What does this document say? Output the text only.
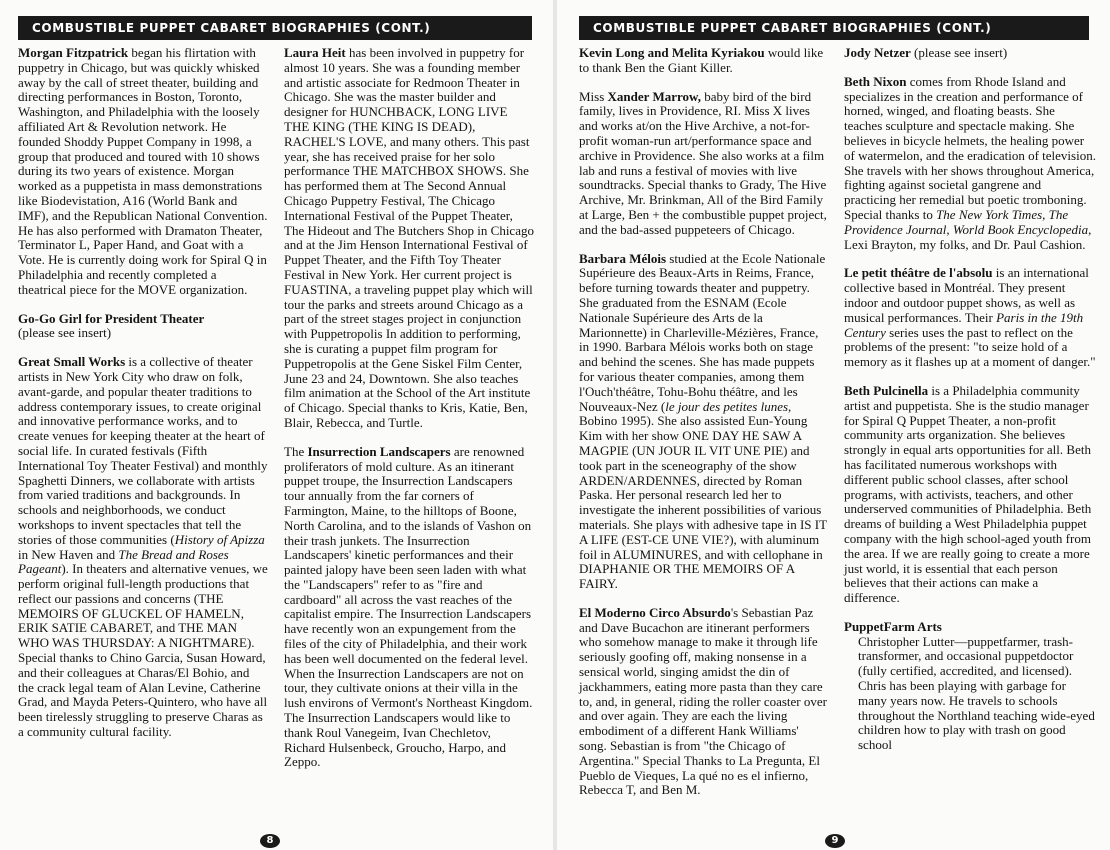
COMBUSTIBLE PUPPET CABARET BIOGRAPHIES (CONT.)

Morgan Fitzpatrick began his flirtation with puppetry in Chicago, but was quickly whisked away by the call of street theater, building and directing performances in Boston, Toronto, Washington, and Philadelphia with the loosely affiliated Art & Revolution network. He founded Shoddy Puppet Company in 1998, a group that produced and toured with 10 shows during its two years of existence. Morgan worked as a puppetista in mass demonstrations like Biodevistation, A16 (World Bank and IMF), and the Republican National Convention. He has also performed with Dramaton Theater, Terminator L, Paper Hand, and Goat with a Vote. He is currently doing work for Spiral Q in Philadelphia and recently completed a theatrical piece for the MOVE organization.

Go-Go Girl for President Theater

(please see insert)

Great Small Works is a collective of theater artists in New York City who draw on folk, avant-garde, and popular theater traditions to address contemporary issues, to create original and innovative performance works, and to create venues for keeping theater at the heart of social life. In curated festivals (Fifth International Toy Theater Festival) and monthly Spaghetti Dinners, we collaborate with artists from varied traditions and backgrounds. In schools and neighborhoods, we conduct workshops to invent spectacles that tell the stories of those communities (History of Apizza in New Haven and The Bread and Roses Pageant). In theaters and alternative venues, we perform original full-length productions that reflect our passions and concerns (THE MEMOIRS OF GLUCKEL OF HAMELN, ERIK SATIE CABARET, and THE MAN WHO WAS THURSDAY: A NIGHTMARE). Special thanks to Chino Garcia, Susan Howard, and their colleagues at Charas/El Bohio, and the crack legal team of Alan Levine, Catherine Grad, and Mayda Peters-Quintero, who have all been tirelessly struggling to preserve Charas as a community cultural facility.

Laura Heit has been involved in puppetry for almost 10 years. She was a founding member and artistic associate for Redmoon Theater in Chicago. She was the master builder and designer for HUNCHBACK, LONG LIVE THE KING (THE KING IS DEAD), RACHEL'S LOVE, and many others. This past year, she has received praise for her solo performance THE MATCHBOX SHOWS. She has performed them at The Second Annual Chicago Puppetry Festival, The Chicago International Festival of the Puppet Theater, The Hideout and The Butchers Shop in Chicago and at the Jim Henson International Festival of Puppet Theater, and the Fifth Toy Theater Festival in New York. Her current project is FUASTINA, a traveling puppet play which will tour the parks and streets around Chicago as a part of the street stages project in conjunction with Puppetropolis In addition to performing, she is curating a puppet film program for Puppetropolis at the Gene Siskel Film Center, June 23 and 24, Downtown. She also teaches film animation at the School of the Art institute of Chicago. Special thanks to Kris, Katie, Ben, Blair, Rebecca, and Turtle.

The Insurrection Landscapers are renowned proliferators of mold culture. As an itinerant puppet troupe, the Insurrection Landscapers tour annually from the far corners of Farmington, Maine, to the hilltops of Boone, North Carolina, and to the islands of Vashon on their trash junkets. The Insurrection Landscapers' kinetic performances and their painted jalopy have been seen laden with what the "Landscapers" refer to as "fire and cardboard" all across the vast reaches of the capitalist empire. The Insurrection Landscapers have recently won an expungement from the files of the city of Philadelphia, and their work has been well documented on the federal level. When the Insurrection Landscapers are not on tour, they cultivate onions at their villa in the lush environs of Vermont's Northeast Kingdom. The Insurrection Landscapers would like to thank Roul Vanegeim, Ivan Chechletov, Richard Hulsenbeck, Groucho, Harpo, and Zeppo.

8
COMBUSTIBLE PUPPET CABARET BIOGRAPHIES (CONT.)

Kevin Long and Melita Kyriakou would like to thank Ben the Giant Killer.

Miss Xander Marrow, baby bird of the bird family, lives in Providence, RI. Miss X lives and works at/on the Hive Archive, a not-for-profit woman-run art/performance space and archive in Providence. She also works at a film lab and runs a festival of movies with live soundtracks. Special thanks to Grady, The Hive Archive, Mr. Brinkman, All of the Bird Family at Large, Ben + the combustible puppet project, and the bad-assed puppeteers of Chicago.

Barbara Mélois studied at the Ecole Nationale Supérieure des Beaux-Arts in Reims, France, before turning towards theater and puppetry. She graduated from the ESNAM (Ecole Nationale Supérieure des Arts de la Marionnette) in Charleville-Mézières, France, in 1990. Barbara Mélois works both on stage and behind the scenes. She has made puppets for various theater companies, among them l'Ouch'théâtre, Tohu-Bohu théâtre, and les Nouveaux-Nez (le jour des petites lunes, Bobino 1995). She also assisted Eun-Young Kim with her show ONE DAY HE SAW A MAGPIE (UN JOUR IL VIT UNE PIE) and took part in the sceneography of the show ARDEN/ARDENNES, directed by Roman Paska. Her personal research led her to investigate the inherent possibilities of various materials. She plays with adhesive tape in IS IT A LIFE (EST-CE UNE VIE?), with aluminum foil in ALUMINURES, and with cellophane in DIAPHANIE OR THE MEMOIRS OF A FAIRY.

El Moderno Circo Absurdo's Sebastian Paz and Dave Bucachon are itinerant performers who somehow manage to make it through life seriously goofing off, making nonsense in a sensical world, singing amidst the din of jackhammers, eating more pasta than they care to, and, in general, riding the roller coaster over and over again. They are each the living embodiment of a different Hank Williams' song. Sebastian is from "the Chicago of Argentina." Special Thanks to La Pregunta, El Pueblo de Vieques, La qué no es el infierno, Rebecca T, and Ben M.

Jody Netzer (please see insert)

Beth Nixon comes from Rhode Island and specializes in the creation and performance of horned, winged, and floating beasts. She teaches sculpture and spectacle making. She believes in bicycle helmets, the healing power of watermelon, and the eradication of television. She travels with her shows throughout America, fighting against societal gangrene and practicing her remedial but poetic tromboning. Special thanks to The New York Times, The Providence Journal, World Book Encyclopedia, Lexi Brayton, my folks, and Dr. Paul Cashion.

Le petit théâtre de l'absolu is an international collective based in Montréal. They present indoor and outdoor puppet shows, as well as musical performances. Their Paris in the 19th Century series uses the past to reflect on the problems of the present: "to seize hold of a memory as it flashes up at a moment of danger."

Beth Pulcinella is a Philadelphia community artist and puppetista. She is the studio manager for Spiral Q Puppet Theater, a non-profit community arts organization. She believes strongly in equal arts opportunities for all. Beth has facilitated numerous workshops with different public school classes, after school programs, with activists, teachers, and other underserved communities of Philadelphia. Beth dreams of building a West Philadelphia puppet company with the high school-aged youth from the area. If we are really going to create a more just world, it is essential that each person believes that their actions can make a difference.

PuppetFarm Arts

Christopher Lutter—puppetfarmer, trash-transformer, and occasional puppetdoctor (fully certified, accredited, and licensed). Chris has been playing with garbage for many years now. He travels to schools throughout the Northland teaching wide-eyed children how to play with trash on good school

9
